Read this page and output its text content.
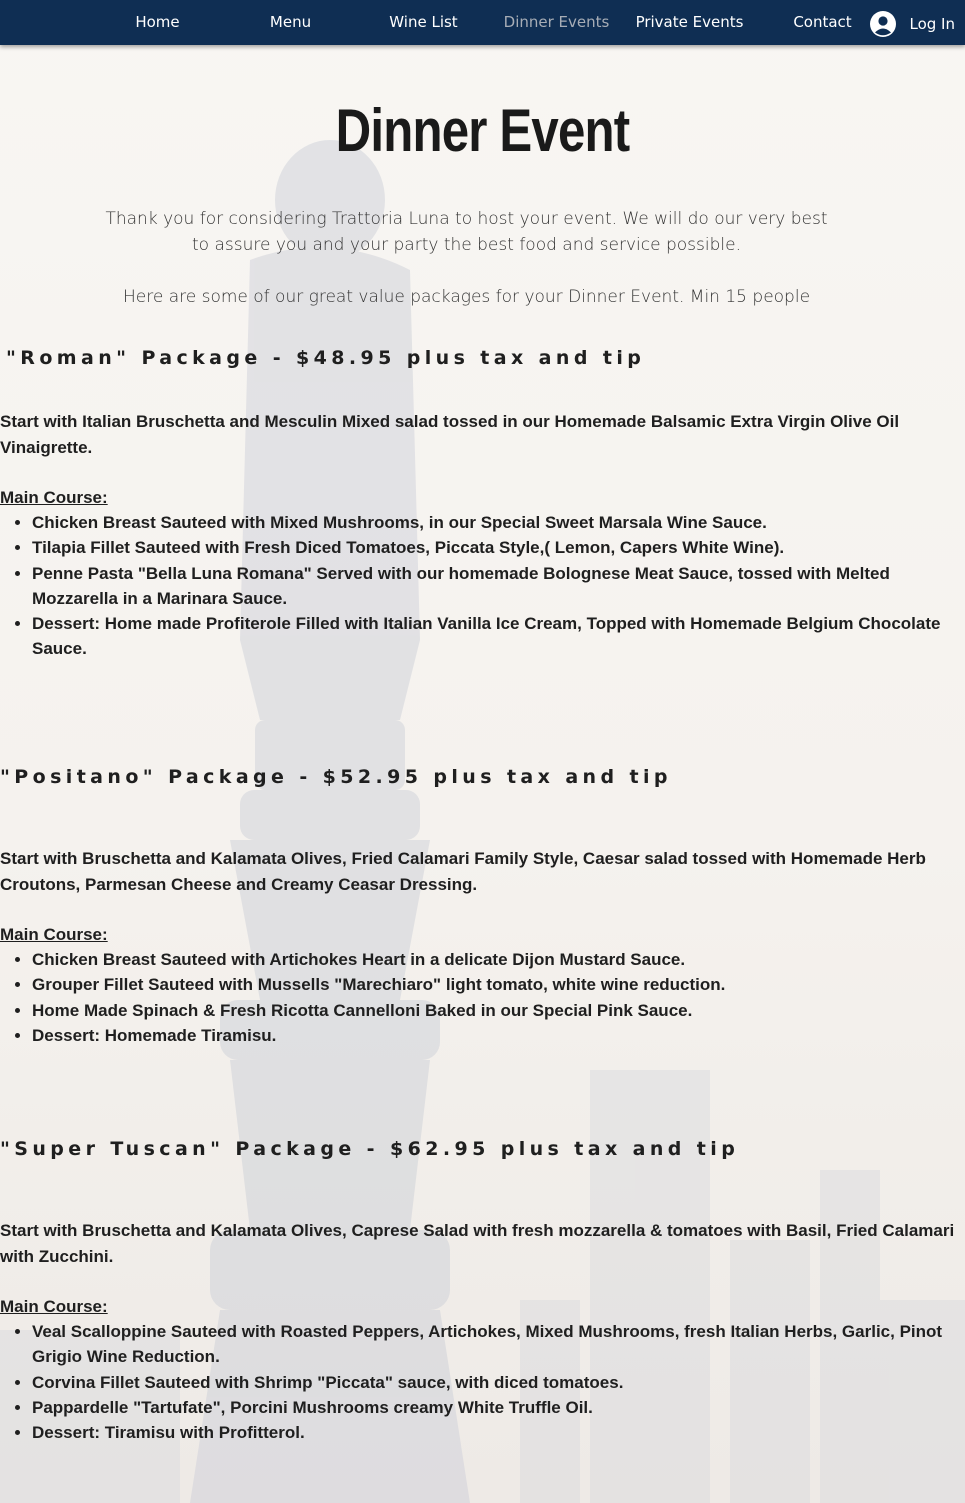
Home	Menu	Wine List	Dinner Events	Private Events	Contact	Log In
Dinner Event

Thank you for considering Trattoria Luna to host your event. We will do our very best to assure you and your party the best food and service possible.

Here are some of our great value packages for your Dinner Event. Min 15 people

"Roman" Package - $48.95 plus tax and tip

Start with Italian Bruschetta and Mesculin Mixed salad tossed in our Homemade Balsamic Extra Virgin Olive Oil Vinaigrette.

Main Course:

• Chicken Breast Sauteed with Mixed Mushrooms, in our Special Sweet Marsala Wine Sauce.
• Tilapia Fillet Sauteed with Fresh Diced Tomatoes, Piccata Style,( Lemon, Capers White Wine).
• Penne Pasta "Bella Luna Romana" Served with our homemade Bolognese Meat Sauce, tossed with Melted Mozzarella in a Marinara Sauce.
• Dessert: Home made Profiterole Filled with Italian Vanilla Ice Cream, Topped with Homemade Belgium Chocolate Sauce.
"Positano" Package - $52.95 plus tax and tip

Start with Bruschetta and Kalamata Olives, Fried Calamari Family Style, Caesar salad tossed with Homemade Herb

Croutons, Parmesan Cheese and Creamy Ceasar Dressing.

Main Course:

• Chicken Breast Sauteed with Artichokes Heart in a delicate Dijon Mustard Sauce.
• Grouper Fillet Sauteed with Mussells "Marechiaro" light tomato, white wine reduction.
• Home Made Spinach & Fresh Ricotta Cannelloni Baked in our Special Pink Sauce.
• Dessert: Homemade Tiramisu.
"Super Tuscan" Package - $62.95 plus tax and tip

Start with Bruschetta and Kalamata Olives, Caprese Salad with fresh mozzarella & tomatoes with Basil, Fried Calamari with Zucchini.

Main Course:

• Veal Scalloppine Sauteed with Roasted Peppers, Artichokes, Mixed Mushrooms, fresh Italian Herbs, Garlic, Pinot Grigio Wine Reduction.
• Corvina Fillet Sauteed with Shrimp "Piccata" sauce, with diced tomatoes.
• Pappardelle "Tartufate", Porcini Mushrooms creamy White Truffle Oil.
• Dessert: Tiramisu with Profitterol.
